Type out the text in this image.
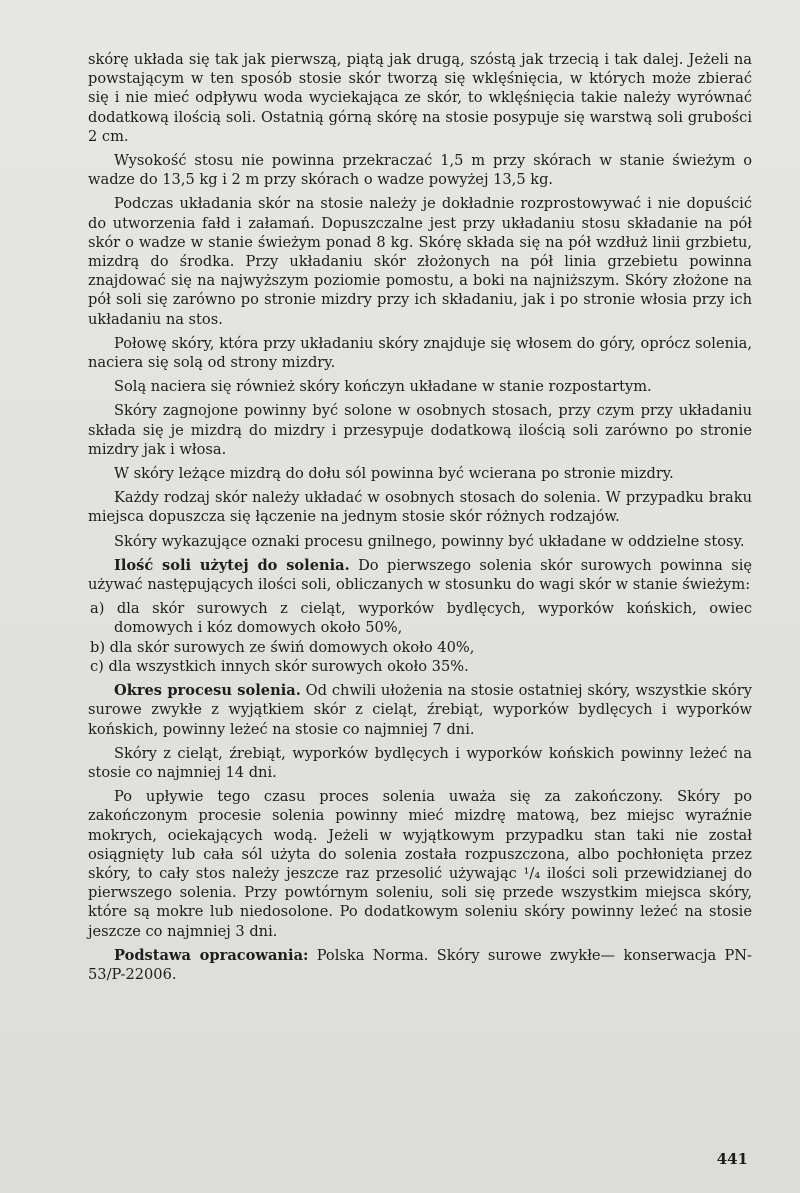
skórę układa się tak jak pierwszą, piątą jak drugą, szóstą jak trzecią i tak dalej. Jeżeli na powstającym w ten sposób stosie skór tworzą się wklęśnięcia, w których może zbierać się i nie mieć odpływu woda wyciekająca ze skór, to wklęśnięcia takie należy wyrównać dodatkową ilością soli. Ostatnią górną skórę na stosie posypuje się warstwą soli grubości 2 cm.

Wysokość stosu nie powinna przekraczać 1,5 m przy skórach w stanie świeżym o wadze do 13,5 kg i 2 m przy skórach o wadze powyżej 13,5 kg.

Podczas układania skór na stosie należy je dokładnie rozprostowywać i nie dopuścić do utworzenia fałd i załamań. Dopuszczalne jest przy układaniu stosu składanie na pół skór o wadze w stanie świeżym ponad 8 kg. Skórę składa się na pół wzdłuż linii grzbietu, mizdrą do środka. Przy układaniu skór złożonych na pół linia grzebietu powinna znajdować się na najwyższym poziomie pomostu, a boki na najniższym. Skóry złożone na pół soli się zarówno po stronie mizdry przy ich składaniu, jak i po stronie włosia przy ich układaniu na stos.

Połowę skóry, która przy układaniu skóry znajduje się włosem do góry, oprócz solenia, naciera się solą od strony mizdry.

Solą naciera się również skóry kończyn układane w stanie rozpostartym.

Skóry zagnojone powinny być solone w osobnych stosach, przy czym przy układaniu składa się je mizdrą do mizdry i przesypuje dodatkową ilością soli zarówno po stronie mizdry jak i włosa.

W skóry leżące mizdrą do dołu sól powinna być wcierana po stronie mizdry.

Każdy rodzaj skór należy układać w osobnych stosach do solenia. W przypadku braku miejsca dopuszcza się łączenie na jednym stosie skór różnych rodzajów.

Skóry wykazujące oznaki procesu gnilnego, powinny być układane w oddzielne stosy.

Ilość soli użytej do solenia. Do pierwszego solenia skór surowych powinna się używać następujących ilości soli, obliczanych w stosunku do wagi skór w stanie świeżym:

a) dla skór surowych z cieląt, wyporków bydlęcych, wyporków końskich, owiec domowych i kóz domowych około 50%,
b) dla skór surowych ze świń domowych około 40%,
c) dla wszystkich innych skór surowych około 35%.

Okres procesu solenia. Od chwili ułożenia na stosie ostatniej skóry, wszystkie skóry surowe zwykłe z wyjątkiem skór z cieląt, źrebiąt, wyporków bydlęcych i wyporków końskich, powinny leżeć na stosie co najmniej 7 dni.

Skóry z cieląt, źrebiąt, wyporków bydlęcych i wyporków końskich powinny leżeć na stosie co najmniej 14 dni.

Po upływie tego czasu proces solenia uważa się za zakończony. Skóry po zakończonym procesie solenia powinny mieć mizdrę matową, bez miejsc wyraźnie mokrych, ociekających wodą. Jeżeli w wyjątkowym przypadku stan taki nie został osiągnięty lub cała sól użyta do solenia została rozpuszczona, albo pochłonięta przez skóry, to cały stos należy jeszcze raz przesolić używając ¹/₄ ilości soli przewidzianej do pierwszego solenia. Przy powtórnym soleniu, soli się przede wszystkim miejsca skóry, które są mokre lub niedosolone. Po dodatkowym soleniu skóry powinny leżeć na stosie jeszcze co najmniej 3 dni.

Podstawa opracowania: Polska Norma. Skóry surowe zwykłe— konserwacja PN-53/P-22006.

441
